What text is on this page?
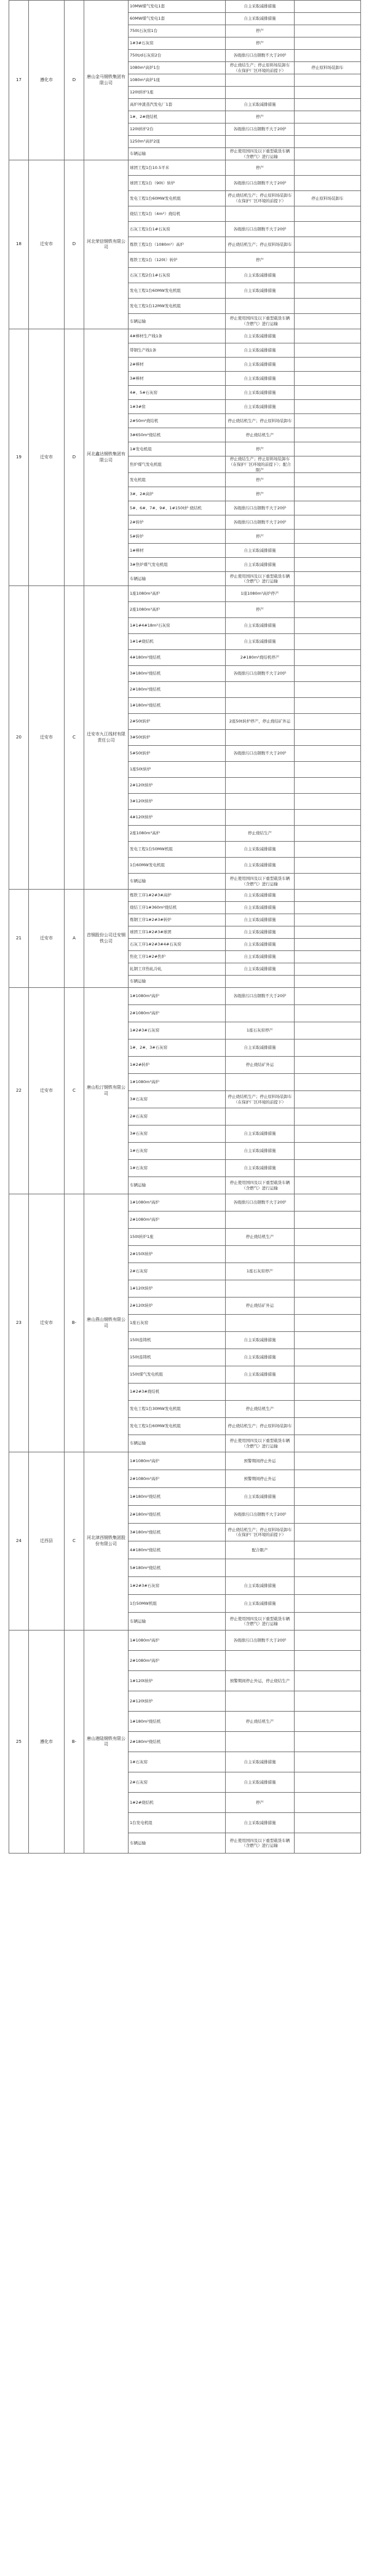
17	遵化市	D	唐山金马钢铁集团有限公司	10MW煤气发电1套	自主采取减排措施	
				60MW煤气发电1套	自主采取减排措施	
				750t石灰窑1台	停产	
				1#3#石灰窑	停产	
				750t/d石灰窑2台	各级排污口出钢数不大于20炉	
				1080m³高炉1台	停止烧结生产；停止原料场装卸车（在保护厂区环境的前提下）	停止原料场装卸车
				1080m³高炉1座		
				120t转炉1座		
				高炉冲渣蒸汽发电厂1套	自主采取减排措施	
				1#、2#烧结机	停产	
				120t转炉2台	各级排污口出钢数不大于20炉	
				1250m³高炉2座		
				车辆运输	停止使用国四及以下重型载货车辆（含燃气）进行运输	
18	迁安市	D	河北荣信钢铁有限公司	球团工程1台10.5平米	停产	
				球团工程1台（90t）转炉	各级排污口出钢数不大于20炉	
				发电工程1台60MW发电机组	停止烧结机生产；停止原料场装卸车（在保护厂区环境的前提下）	停止原料场装卸车
				烧结工程1台（4m²）烧结机		
				石灰工程1台1#石灰窑	各级排污口出钢数不大于20炉	
				炼铁工程1台（1080m³）高炉	停止烧结机生产；停止原料场装卸车	
				炼铁工程1台（120t）转炉	停产	
				石灰工程2台1#石灰窑	自主采取减排措施	
				发电工程1台60MW发电机组	自主采取减排措施	
				发电工程1台12MW发电机组		
				车辆运输	停止使用国四及以下重型载货车辆（含燃气）进行运输	
19	迁安市	D	河北鑫达钢铁集团有限公司	4#棒材生产线1条	自主采取减排措施	
				带钢生产线1条	自主采取减排措施	
				2#棒材	自主采取减排措施	
				3#棒材	自主采取减排措施	
				4#、5#石灰窑	自主采取减排措施	
				1#3#窑	自主采取减排措施	
				2#50m²烧结机	停止烧结机生产；停止原料场装卸车	
				3#650m²烧结机	停止烧结机生产	
				1#发电机组	停产	
				焦炉煤气发电机组	停止烧结生产；停止原料场装卸车（在保护厂区环境的前提下）；配合限产	
				发电机组	停产	
				3#、2#高炉	停产	
				5#、6#、7#、9#、1#150t炉 烧结机	各级排污口出钢数不大于20炉	
				2#转炉	各级排污口出钢数不大于20炉	
				5#转炉	停产	
				1#棒材	自主采取减排措施	
				3#焦炉煤气发电机组	自主采取减排措施	
				车辆运输	停止使用国四及以下重型载货车辆（含燃气）进行运输	
20	迁安市	C	迁安市九江线材有限责任公司	1座1080m³高炉	1座1080m³高炉停产	
				2座1080m³高炉	停产	
				1#1#4#18m²石灰窑	自主采取减排措施	
				1#1#烧结机	自主采取减排措施	
				4#180m²烧结机	2#180m²烧结机停产	
				3#180m²烧结机	各级排污口出钢数不大于20炉	
				2#180m²烧结机		
				1#180m²烧结机		
				2#50t转炉	2座50t转炉停产，停止烧结矿外运	
				3#50t转炉		
				5#50t转炉	各级排污口出钢数不大于20炉	
				1座50t转炉		
				2#120t转炉		
				3#120t转炉		
				4#120t转炉		
				2座1080m³高炉	停止烧结生产	
				发电工程1台50MW机组	自主采取减排措施	
				1台60MW发电机组	自主采取减排措施	
				车辆运输	停止使用国四及以下重型载货车辆（含燃气）进行运输	
21	迁安市	A	首钢股份公司迁安钢铁公司	炼铁工序1#2#3#高炉	自主采取减排措施	
				烧结工序1#360m²烧结机	自主采取减排措施	
				炼钢工序1#2#3#转炉	自主采取减排措施	
				球团工序1#2#3#球团	自主采取减排措施	
				石灰工序1#2#3#4#石灰窑	自主采取减排措施	
				焦化工序1#2#焦炉	自主采取减排措施	
				轧钢工序热轧冷轧	自主采取减排措施	
				车辆运输		
22	迁安市	C	唐山松汀钢铁有限公司	1#1080m³高炉	各级排污口出钢数不大于20炉	
				2#1080m³高炉		
				1#2#3#石灰窑	1座石灰窑停产	
				1#、2#、3#石灰窑	自主采取减排措施	
				1#2#转炉	停止烧结矿外运	
				1#1080m³高炉		
				3#石灰窑	停止烧结机生产；停止原料场装卸车（在保护厂区环境的前提下）	
				2#石灰窑		
				3#石灰窑	自主采取减排措施	
				1#石灰窑	自主采取减排措施	
				1#石灰窑	自主采取减排措施	
				车辆运输	停止使用国四及以下重型载货车辆（含燃气）进行运输	
23	迁安市	B-	唐山燕山钢铁有限公司	1#1080m³高炉	各级排污口出钢数不大于20炉	
				2#1080m³高炉		
				150t转炉1座	停止烧结机生产	
				2#150t转炉		
				2#石灰窑	1座石灰窑停产	
				1#120t转炉		
				2#120t转炉	停止烧结矿外运	
				1座石灰窑		
				150t连铸机	自主采取减排措施	
				150t连铸机	自主采取减排措施	
				150t煤气发电机组	自主采取减排措施	
				1#2#3#烧结机		
				发电工程1台30MW发电机组	停止烧结机生产	
				发电工程1台60MW发电机组	停止烧结机生产；停止原料场装卸车	
				车辆运输	停止使用国四及以下重型载货车辆（含燃气）进行运输	
24	迁西县	C	河北津西钢铁集团股份有限公司	1#1080m³高炉	预警期间停止外运	
				2#1080m³高炉	预警期间停止外运	
				1#180m²烧结机	自主采取减排措施	
				2#180m²烧结机	各级排污口出钢数不大于20炉	
				3#180m²烧结机	停止烧结机生产；停止原料场装卸车（在保护厂区环境的前提下）	
				4#180m²烧结机	配合限产	
				5#180m²烧结机		
				1#2#3#石灰窑	自主采取减排措施	
				1台50MW机组	自主采取减排措施	
				车辆运输	停止使用国四及以下重型载货车辆（含燃气）进行运输	
25	遵化市	B-	唐山港陆钢铁有限公司	1#1080m³高炉	各级排污口出钢数不大于20炉	
				2#1080m³高炉		
				1#120t转炉	预警期间停止外运，停止烧结生产	
				2#120t转炉		
				1#180m²烧结机	停止烧结机生产	
				2#180m²烧结机		
				1#石灰窑	自主采取减排措施	
				2#石灰窑	自主采取减排措施	
				1#2#烧结机	停产	
				1台发电机组	自主采取减排措施	
				车辆运输	停止使用国四及以下重型载货车辆（含燃气）进行运输	
